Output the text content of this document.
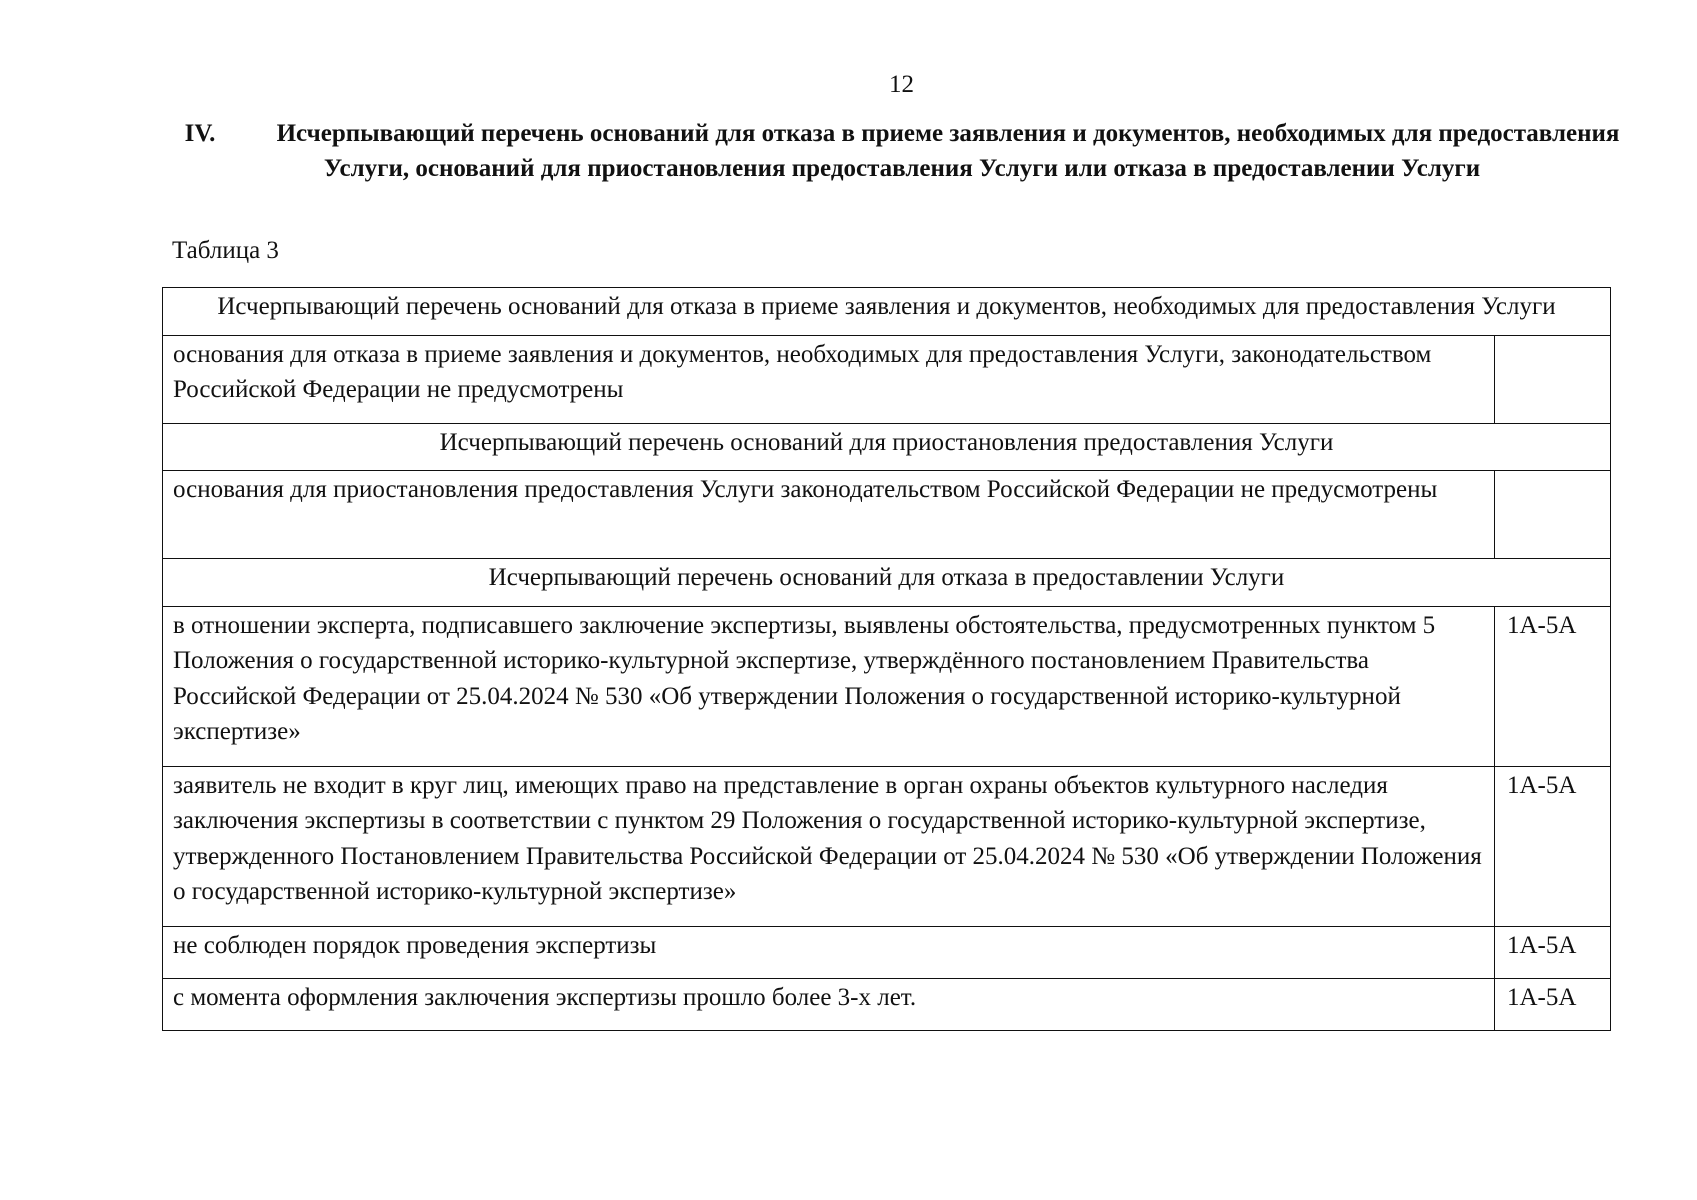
12
IV. Исчерпывающий перечень оснований для отказа в приеме заявления и документов, необходимых для предоставления Услуги, оснований для приостановления предоставления Услуги или отказа в предоставлении Услуги
Таблица 3
Исчерпывающий перечень оснований для отказа в приеме заявления и документов, необходимых для предоставления Услуги	
основания для отказа в приеме заявления и документов, необходимых для предоставления Услуги, законодательством Российской Федерации не предусмотрены	
Исчерпывающий перечень оснований для приостановления предоставления Услуги	
основания для приостановления предоставления Услуги законодательством Российской Федерации не предусмотрены	
Исчерпывающий перечень оснований для отказа в предоставлении Услуги	
в отношении эксперта, подписавшего заключение экспертизы, выявлены обстоятельства, предусмотренных пунктом 5 Положения о государственной историко-культурной экспертизе, утверждённого постановлением Правительства Российской Федерации от 25.04.2024 № 530 «Об утверждении Положения о государственной историко-культурной экспертизе»	1А-5А
заявитель не входит в круг лиц, имеющих право на представление в орган охраны объектов культурного наследия заключения экспертизы в соответствии с пунктом 29 Положения о государственной историко-культурной экспертизе, утвержденного Постановлением Правительства Российской Федерации от 25.04.2024 № 530 «Об утверждении Положения о государственной историко-культурной экспертизе»	1А-5А
не соблюден порядок проведения экспертизы	1А-5А
с момента оформления заключения экспертизы прошло более 3-х лет.	1А-5А
